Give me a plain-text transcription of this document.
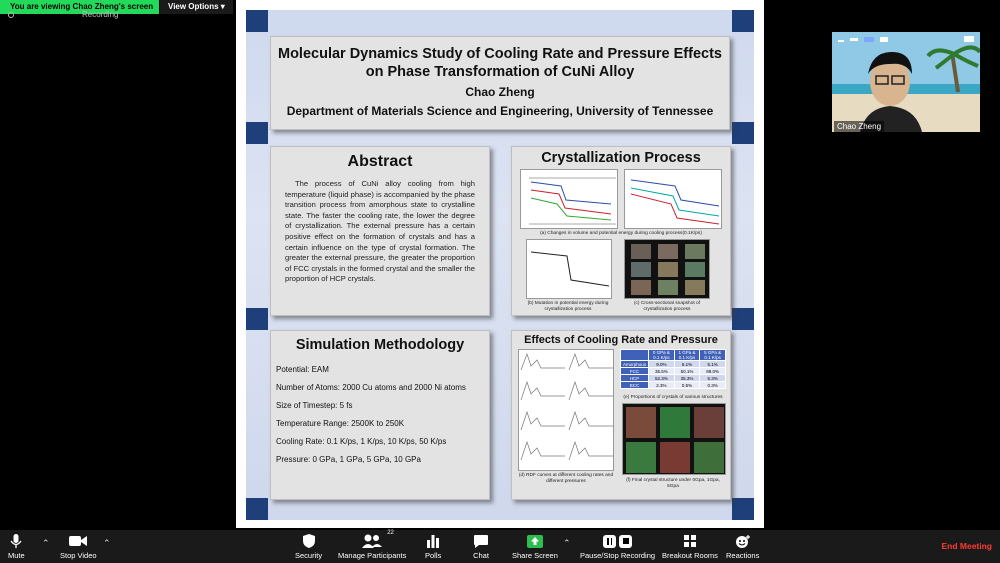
You are viewing Chao Zheng's screen	View Options ▾
Recording
Molecular Dynamics Study of Cooling Rate and Pressure Effects on Phase Transformation of CuNi Alloy
Chao Zheng
Department of Materials Science and Engineering, University of Tennessee
Abstract
The process of CuNi alloy cooling from high temperature (liquid phase) is accompanied by the phase transition process from amorphous state to crystalline state. The faster the cooling rate, the lower the degree of crystallization. The external pressure has a certain positive effect on the formation of crystals and has a certain influence on the type of crystal formation. The greater the external pressure, the greater the proportion of FCC crystals in the formed crystal and the smaller the proportion of HCP crystals.
Crystallization Process
(a) Changes in volume and potential energy during cooling process(0.1K/ps)
(b) Mutation in potential energy during crystallization process
(c) Cross-sectional snapshot of crystallization process
Simulation Methodology
Potential: EAM
Number of Atoms: 2000 Cu atoms and 2000 Ni atoms
Size of Timestep: 5 fs
Temperature Range: 2500K to 250K
Cooling Rate: 0.1 K/ps, 1 K/ps, 10 K/ps, 50 K/ps
Pressure: 0 GPa, 1 GPa, 5 GPa, 10 GPa
Effects of Cooling Rate and Pressure
(d) RDF curves at different cooling rates and different pressures
	0 GPa & 0.1 K/ps	1 GPa & 0.1 K/ps	5 GPa & 0.1 K/ps
Amorphous	9.0%	6.1%	5.1%
FCC	35.5%	50.1%	89.0%
HCP	52.3%	35.3%	5.3%
BCC	2.3%	0.5%	0.3%
(e) Proportions of crystals of various structures
(f) Final crystal structure under 0Gpa, 1Gpa, 5Gpa
Chao Zheng
Mute
⌃
Stop Video
⌃
Security
22
Manage Participants Polls	Chat	Share Screen
⌃
Pause/Stop Recording Breakout Rooms Reactions
End Meeting
